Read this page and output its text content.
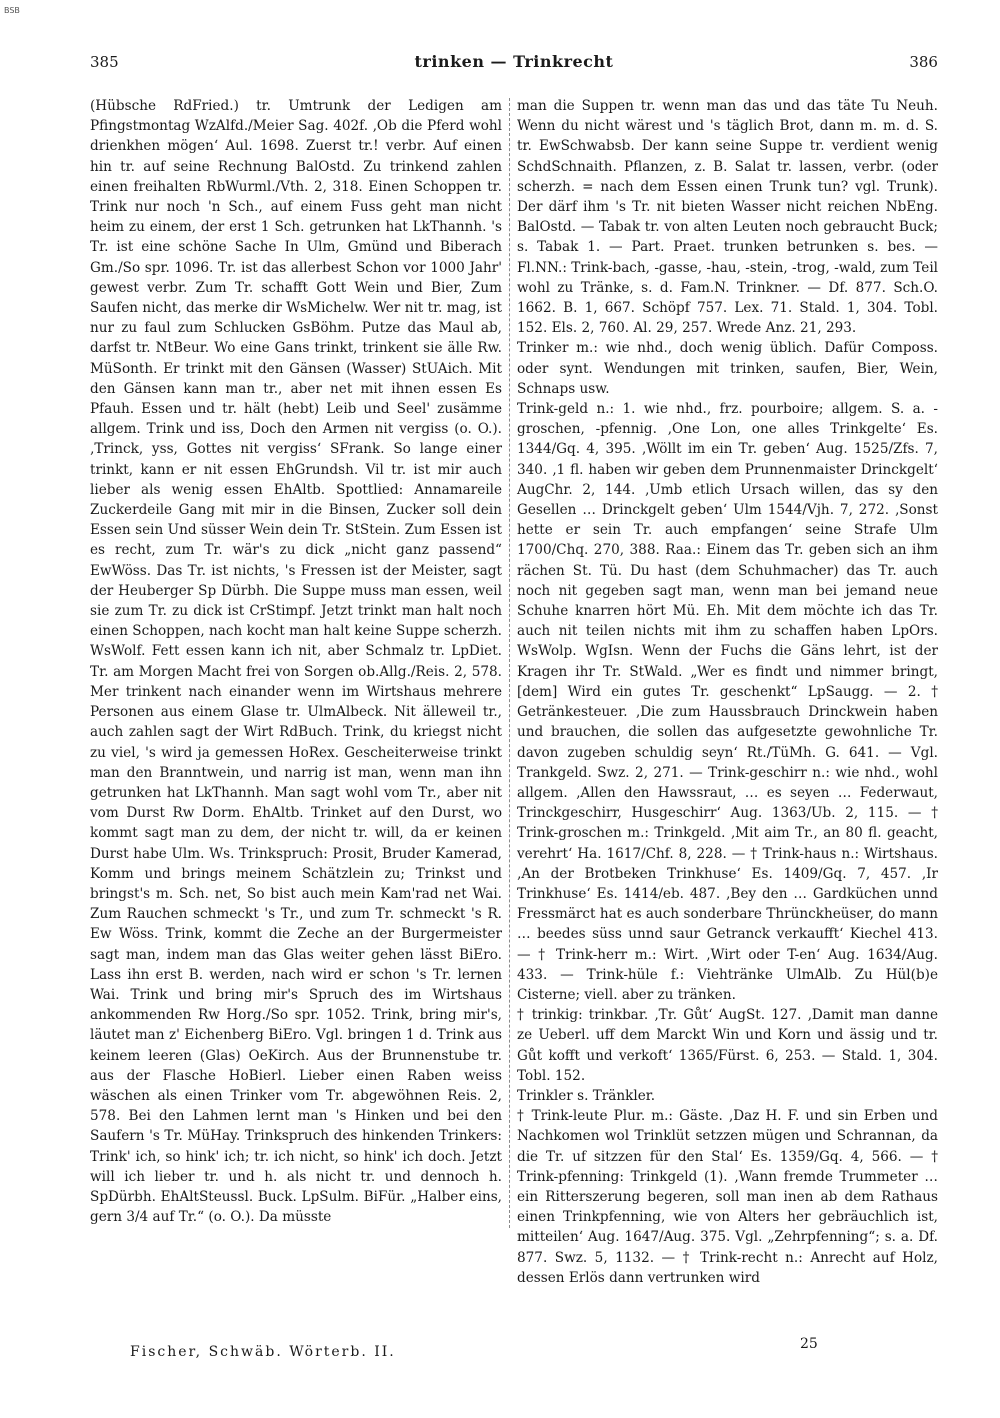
BSB
385	trinken — Trinkrecht	386

(Hübsche RdFried.) tr. Umtrunk der Ledigen am Pfingstmontag WzAlfd./Meier Sag. 402f. ‚Ob die Pferd wohl drienkhen mögen‘ Aul. 1698. Zuerst tr.! verbr. Auf einen hin tr. auf seine Rechnung BalOstd. Zu trinkend zahlen einen freihalten RbWurml./Vth. 2, 318. Einen Schoppen tr. Trink nur noch 'n Sch., auf einem Fuss geht man nicht heim zu einem, der erst 1 Sch. getrunken hat LkThannh. 's Tr. ist eine schöne Sache In Ulm, Gmünd und Biberach Gm./So spr. 1096. Tr. ist das allerbest Schon vor 1000 Jahr' gewest verbr. Zum Tr. schafft Gott Wein und Bier, Zum Saufen nicht, das merke dir WsMichelw. Wer nit tr. mag, ist nur zu faul zum Schlucken GsBöhm. Putze das Maul ab, darfst tr. NtBeur. Wo eine Gans trinkt, trinkent sie älle Rw. MüSonth. Er trinkt mit den Gänsen (Wasser) StUAich. Mit den Gänsen kann man tr., aber net mit ihnen essen Es Pfauh. Essen und tr. hält (hebt) Leib und Seel' zusämme allgem. Trink und iss, Doch den Armen nit vergiss (o. O.). ‚Trinck, yss, Gottes nit vergiss‘ SFrank. So lange einer trinkt, kann er nit essen EhGrundsh. Vil tr. ist mir auch lieber als wenig essen EhAltb. Spottlied: Annamareile Zuckerdeile Gang mit mir in die Binsen, Zucker soll dein Essen sein Und süsser Wein dein Tr. StStein. Zum Essen ist es recht, zum Tr. wär's zu dick „nicht ganz passend“ EwWöss. Das Tr. ist nichts, 's Fressen ist der Meister, sagt der Heuberger Sp Dürbh. Die Suppe muss man essen, weil sie zum Tr. zu dick ist CrStimpf. Jetzt trinkt man halt noch einen Schoppen, nach kocht man halt keine Suppe scherzh. WsWolf. Fett essen kann ich nit, aber Schmalz tr. LpDiet. Tr. am Morgen Macht frei von Sorgen ob.Allg./Reis. 2, 578. Mer trinkent nach einander wenn im Wirtshaus mehrere Personen aus einem Glase tr. UlmAlbeck. Nit älleweil tr., auch zahlen sagt der Wirt RdBuch. Trink, du kriegst nicht zu viel, 's wird ja gemessen HoRex. Gescheiterweise trinkt man den Branntwein, und narrig ist man, wenn man ihn getrunken hat LkThannh. Man sagt wohl vom Tr., aber nit vom Durst Rw Dorm. EhAltb. Trinket auf den Durst, wo kommt sagt man zu dem, der nicht tr. will, da er keinen Durst habe Ulm. Ws. Trinkspruch: Prosit, Bruder Kamerad, Komm und brings meinem Schätzlein zu; Trinkst und bringst's m. Sch. net, So bist auch mein Kam'rad net Wai. Zum Rauchen schmeckt 's Tr., und zum Tr. schmeckt 's R. Ew Wöss. Trink, kommt die Zeche an der Burgermeister sagt man, indem man das Glas weiter gehen lässt BiEro. Lass ihn erst B. werden, nach wird er schon 's Tr. lernen Wai. Trink und bring mir's Spruch des im Wirtshaus ankommenden Rw Horg./So spr. 1052. Trink, bring mir's, läutet man z' Eichenberg BiEro. Vgl. bringen 1 d. Trink aus keinem leeren (Glas) OeKirch. Aus der Brunnenstube tr. aus der Flasche HoBierl. Lieber einen Raben weiss wäschen als einen Trinker vom Tr. abgewöhnen Reis. 2, 578. Bei den Lahmen lernt man 's Hinken und bei den Saufern 's Tr. MüHay. Trinkspruch des hinkenden Trinkers: Trink' ich, so hink' ich; tr. ich nicht, so hink' ich doch. Jetzt will ich lieber tr. und h. als nicht tr. und dennoch h. SpDürbh. EhAltSteussl. Buck. LpSulm. BiFür. „Halber eins, gern 3/4 auf Tr.“ (o. O.). Da müsste

man die Suppen tr. wenn man das und das täte Tu Neuh. Wenn du nicht wärest und 's täglich Brot, dann m. m. d. S. tr. EwSchwabsb. Der kann seine Suppe tr. verdient wenig SchdSchnaith. Pflanzen, z. B. Salat tr. lassen, verbr. (oder scherzh. = nach dem Essen einen Trunk tun? vgl. Trunk). Der därf ihm 's Tr. nit bieten Wasser nicht reichen NbEng. BalOstd. — Tabak tr. von alten Leuten noch gebraucht Buck; s. Tabak 1. — Part. Praet. trunken betrunken s. bes. — Fl.NN.: Trink-bach, -gasse, -hau, -stein, -trog, -wald, zum Teil wohl zu Tränke, s. d. Fam.N. Trinkner. — Df. 877. Sch.O. 1662. B. 1, 667. Schöpf 757. Lex. 71. Stald. 1, 304. Tobl. 152. Els. 2, 760. Al. 29, 257. Wrede Anz. 21, 293.

Trinker m.: wie nhd., doch wenig üblich. Dafür Composs. oder synt. Wendungen mit trinken, saufen, Bier, Wein, Schnaps usw.

Trink-geld n.: 1. wie nhd., frz. pourboire; allgem. S. a. -groschen, -pfennig. ‚One Lon, one alles Trinkgelte‘ Es. 1344/Gq. 4, 395. ‚Wöllt im ein Tr. geben‘ Aug. 1525/Zfs. 7, 340. ‚1 fl. haben wir geben dem Prunnenmaister Drinckgelt‘ AugChr. 2, 144. ‚Umb etlich Ursach willen, das sy den Gesellen … Drinckgelt geben‘ Ulm 1544/Vjh. 7, 272. ‚Sonst hette er sein Tr. auch empfangen‘ seine Strafe Ulm 1700/Chq. 270, 388. Raa.: Einem das Tr. geben sich an ihm rächen St. Tü. Du hast (dem Schuhmacher) das Tr. auch noch nit gegeben sagt man, wenn man bei jemand neue Schuhe knarren hört Mü. Eh. Mit dem möchte ich das Tr. auch nit teilen nichts mit ihm zu schaffen haben LpOrs. WsWolp. WgIsn. Wenn der Fuchs die Gäns lehrt, ist der Kragen ihr Tr. StWald. „Wer es findt und nimmer bringt, [dem] Wird ein gutes Tr. geschenkt“ LpSaugg. — 2. † Getränkesteuer. ‚Die zum Haussbrauch Drinckwein haben und brauchen, die sollen das aufgesetzte gewohnliche Tr. davon zugeben schuldig seyn‘ Rt./TüMh. G. 641. — Vgl. Trankgeld. Swz. 2, 271. — Trink-geschirr n.: wie nhd., wohl allgem. ‚Allen den Hawssraut, … es seyen … Federwaut, Trinckgeschirr, Husgeschirr‘ Aug. 1363/Ub. 2, 115. — † Trink-groschen m.: Trinkgeld. ‚Mit aim Tr., an 80 fl. geacht, verehrt‘ Ha. 1617/Chf. 8, 228. — † Trink-haus n.: Wirtshaus. ‚An der Brotbeken Trinkhuse‘ Es. 1409/Gq. 7, 457. ‚Ir Trinkhuse‘ Es. 1414/eb. 487. ‚Bey den … Gardküchen unnd Fressmärct hat es auch sonderbare Thrünckheüser, do mann … beedes süss unnd saur Getranck verkaufft‘ Kiechel 413. — † Trink-herr m.: Wirt. ‚Wirt oder T-en‘ Aug. 1634/Aug. 433. — Trink-hüle f.: Viehtränke UlmAlb. Zu Hül(b)e Cisterne; viell. aber zu tränken.

† trinkig: trinkbar. ‚Tr. Gůt‘ AugSt. 127. ‚Damit man danne ze Ueberl. uff dem Marckt Win und Korn und ässig und tr. Gůt kofft und verkoft‘ 1365/Fürst. 6, 253. — Stald. 1, 304. Tobl. 152.

Trinkler s. Tränkler.

† Trink-leute Plur. m.: Gäste. ‚Daz H. F. und sin Erben und Nachkomen wol Trinklüt setzzen mügen und Schrannan, da die Tr. uf sitzzen für den Stal‘ Es. 1359/Gq. 4, 566. — † Trink-pfenning: Trinkgeld (1). ‚Wann fremde Trummeter … ein Ritterszerung begeren, soll man inen ab dem Rathaus einen Trinkpfenning, wie von Alters her gebräuchlich ist, mitteilen‘ Aug. 1647/Aug. 375. Vgl. „Zehrpfenning“; s. a. Df. 877. Swz. 5, 1132. — † Trink-recht n.: Anrecht auf Holz, dessen Erlös dann vertrunken wird

Fischer, Schwäb. Wörterb. II.	25
